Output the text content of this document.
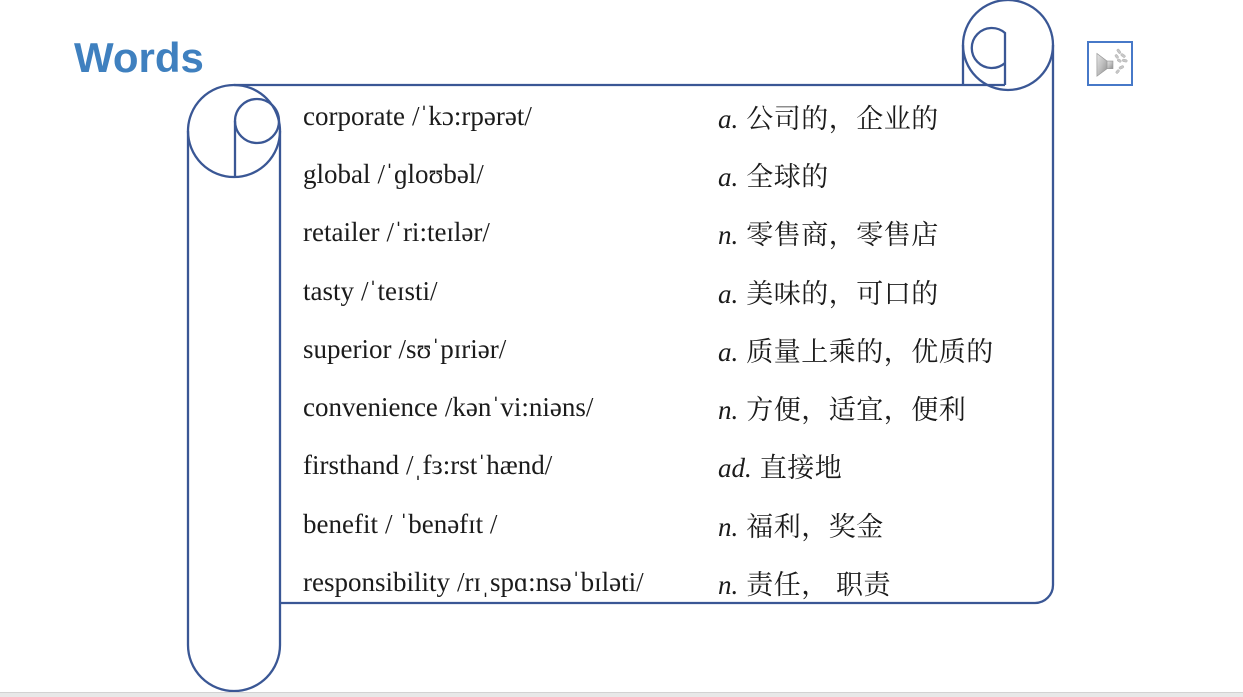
Words
corporate /ˈkɔ:rpərət/	a. 公司的，企业的
global /ˈɡloʊbəl/	a. 全球的
retailer /ˈri:teɪlər/	n. 零售商，零售店
tasty /ˈteɪsti/	a. 美味的，可口的
superior /sʊˈpɪriər/	a. 质量上乘的，优质的
convenience /kənˈvi:niəns/	n. 方便，适宜，便利
firsthand /ˌfɜ:rstˈhænd/	ad. 直接地
benefit / ˈbenəfɪt /	n. 福利，奖金
responsibility /rɪˌspɑ:nsəˈbɪləti/	n. 责任， 职责
